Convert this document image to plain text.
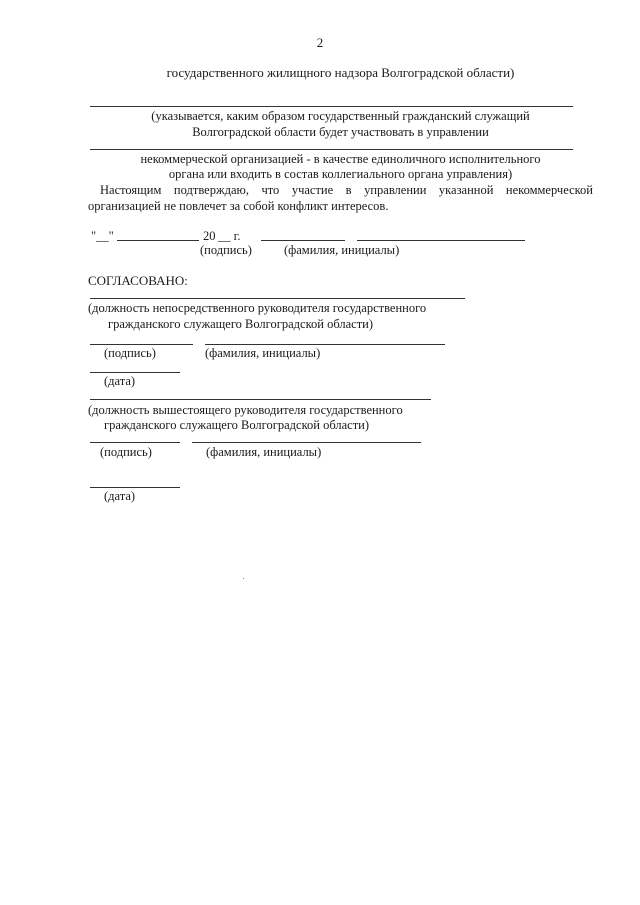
2
государственного жилищного надзора Волгоградской области)
(указывается, каким образом государственный гражданский служащий
Волгоградской области будет участвовать в управлении
некоммерческой организацией - в качестве единоличного исполнительного
органа или входить в состав коллегиального органа управления)
Настоящим подтверждаю, что участие в управлении указанной некоммерческой
организацией не повлечет за собой конфликт интересов.
"__"	20 __ г.
(подпись)	(фамилия, инициалы)
СОГЛАСОВАНО:
(должность непосредственного руководителя государственного
гражданского служащего Волгоградской области)
(подпись)	(фамилия, инициалы)
(дата)
(должность вышестоящего руководителя государственного
гражданского служащего Волгоградской области)
(подпись)	(фамилия, инициалы)
(дата)
